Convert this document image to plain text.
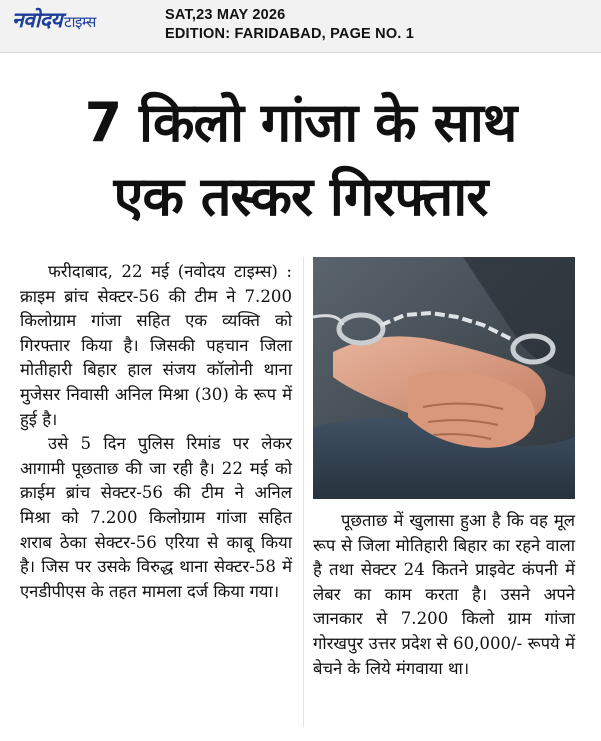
नवोदय टाइम्स	SAT,23 MAY 2026
EDITION: FARIDABAD, PAGE NO. 1
7 किलो गांजा के साथ
एक तस्कर गिरफ्तार

फरीदाबाद, 22 मई (नवोदय टाइम्स) : क्राइम ब्रांच सेक्टर-56 की टीम ने 7.200 किलोग्राम गांजा सहित एक व्यक्ति को गिरफ्तार किया है। जिसकी पहचान जिला मोतीहारी बिहार हाल संजय कॉलोनी थाना मुजेसर निवासी अनिल मिश्रा (30) के रूप में हुई है।

उसे 5 दिन पुलिस रिमांड पर लेकर आगामी पूछताछ की जा रही है। 22 मई को क्राईम ब्रांच सेक्टर-56 की टीम ने अनिल मिश्रा को 7.200 किलोग्राम गांजा सहित शराब ठेका सेक्टर-56 एरिया से काबू किया है। जिस पर उसके विरुद्ध थाना सेक्टर-58 में एनडीपीएस के तहत मामला दर्ज किया गया।

पूछताछ में खुलासा हुआ है कि वह मूल रूप से जिला मोतिहारी बिहार का रहने वाला है तथा सेक्टर 24 कितने प्राइवेट कंपनी में लेबर का काम करता है। उसने अपने जानकार से 7.200 किलो ग्राम गांजा गोरखपुर उत्तर प्रदेश से 60,000/- रूपये में बेचने के लिये मंगवाया था।
